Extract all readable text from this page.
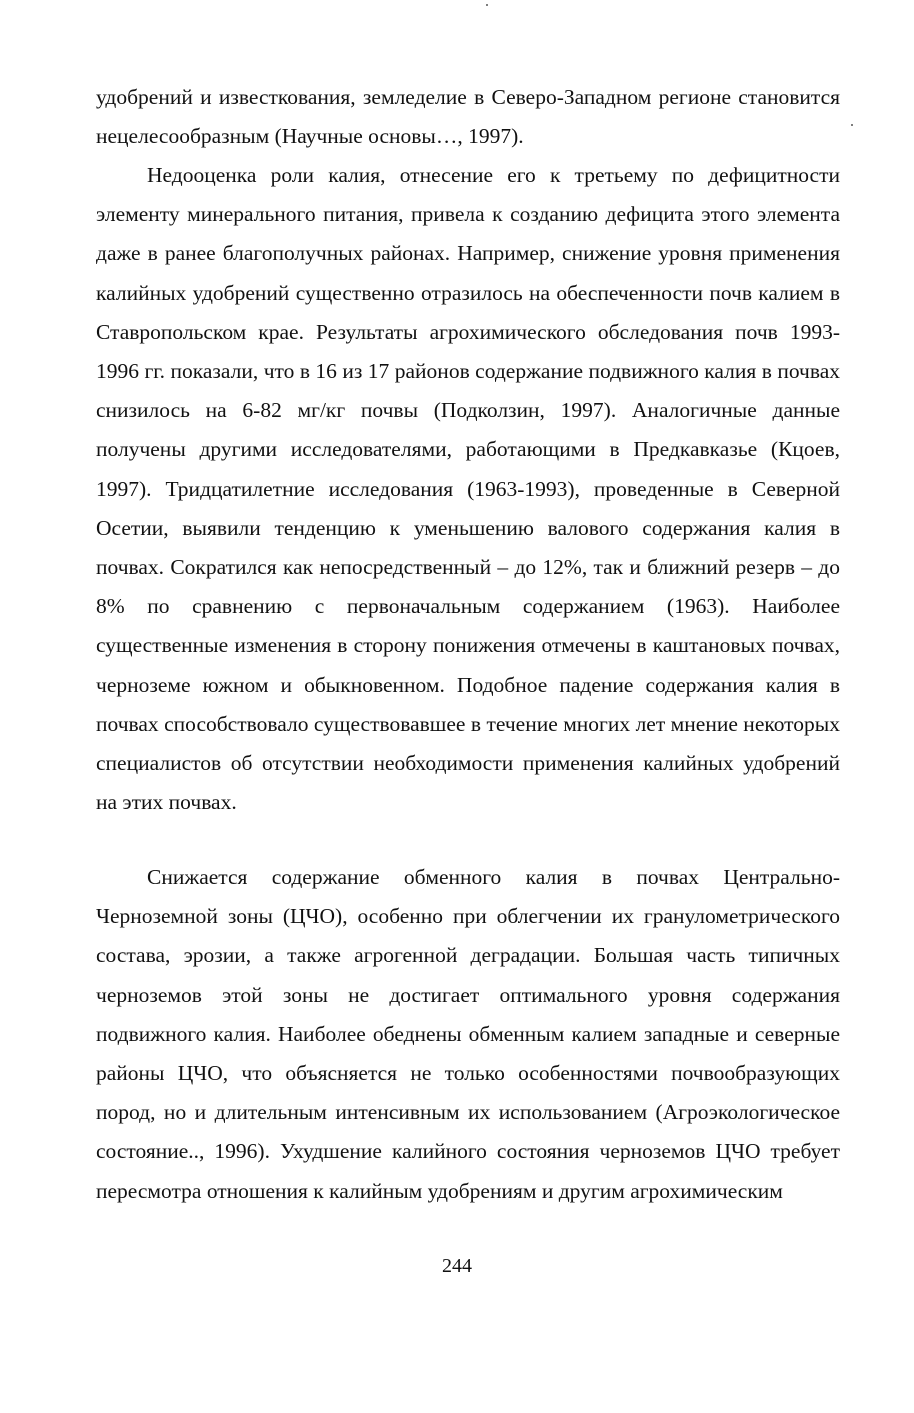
удобрений и известкования, земледелие в Северо-Западном регионе становится нецелесообразным (Научные основы…, 1997).

Недооценка роли калия, отнесение его к третьему по дефицитности элементу минерального питания, привела к созданию дефицита этого элемента даже в ранее благополучных районах. Например, снижение уровня применения калийных удобрений существенно отразилось на обеспеченности почв калием в Ставропольском крае. Результаты агрохимического обследования почв 1993-1996 гг. показали, что в 16 из 17 районов содержание подвижного калия в почвах снизилось на 6-82 мг/кг почвы (Подколзин, 1997). Аналогичные данные получены другими исследователями, работающими в Предкавказье (Кцоев, 1997). Тридцатилетние исследования (1963-1993), проведенные в Северной Осетии, выявили тенденцию к уменьшению валового содержания калия в почвах. Сократился как непосредственный – до 12%, так и ближний резерв – до 8% по сравнению с первоначальным содержанием (1963). Наиболее существенные изменения в сторону понижения отмечены в каштановых почвах, черноземе южном и обыкновенном. Подобное падение содержания калия в почвах способствовало существовавшее в течение многих лет мнение некоторых специалистов об отсутствии необходимости применения калийных удобрений на этих почвах.

Снижается содержание обменного калия в почвах Центрально-Черноземной зоны (ЦЧО), особенно при облегчении их гранулометрического состава, эрозии, а также агрогенной деградации. Большая часть типичных черноземов этой зоны не достигает оптимального уровня содержания подвижного калия. Наиболее обеднены обменным калием западные и северные районы ЦЧО, что объясняется не только особенностями почвообразующих пород, но и длительным интенсивным их использованием (Агроэкологическое состояние.., 1996). Ухудшение калийного состояния черноземов ЦЧО требует пересмотра отношения к калийным удобрениям и другим агрохимическим

244
